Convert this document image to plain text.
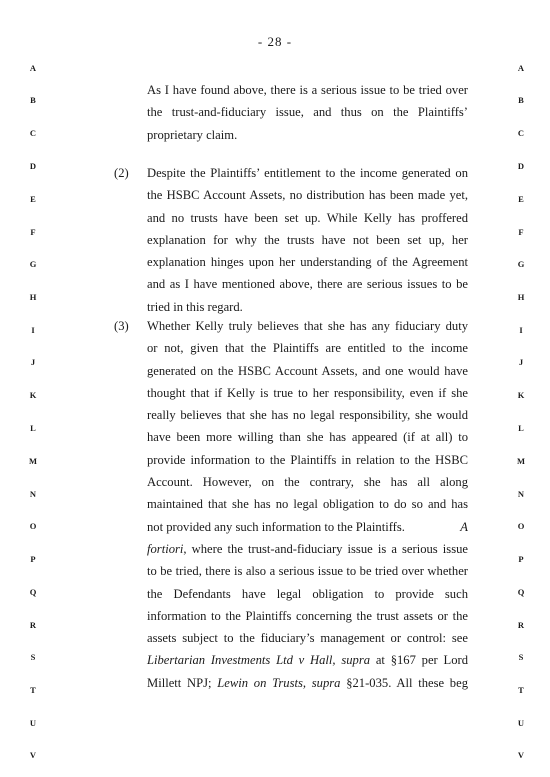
- 28 -
A
B
C
D
E
F
G
H
I
J
K
L
M
N
O
P
Q
R
S
T
U
V
A
B
C
D
E
F
G
H
I
J
K
L
M
N
O
P
Q
R
S
T
U
V
As I have found above, there is a serious issue to be tried over
the trust-and-fiduciary issue, and thus on the Plaintiffs’
proprietary claim.
(2) Despite the Plaintiffs’ entitlement to the income generated on
the HSBC Account Assets, no distribution has been made yet,
and no trusts have been set up. While Kelly has proffered
explanation for why the trusts have not been set up, her
explanation hinges upon her understanding of the Agreement
and as I have mentioned above, there are serious issues to be
tried in this regard.
(3) Whether Kelly truly believes that she has any fiduciary duty
or not, given that the Plaintiffs are entitled to the income
generated on the HSBC Account Assets, and one would have
thought that if Kelly is true to her responsibility, even if she
really believes that she has no legal responsibility, she would
have been more willing than she has appeared (if at all) to
provide information to the Plaintiffs in relation to the HSBC
Account. However, on the contrary, she has all along
maintained that she has no legal obligation to do so and has
not provided any such information to the Plaintiffs.	A
fortiori, where the trust-and-fiduciary issue is a serious issue
to be tried, there is also a serious issue to be tried over whether
the Defendants have legal obligation to provide such
information to the Plaintiffs concerning the trust assets or the
assets subject to the fiduciary’s management or control: see
Libertarian Investments Ltd v Hall, supra at §167 per Lord
Millett NPJ; Lewin on Trusts, supra §21-035. All these beg
